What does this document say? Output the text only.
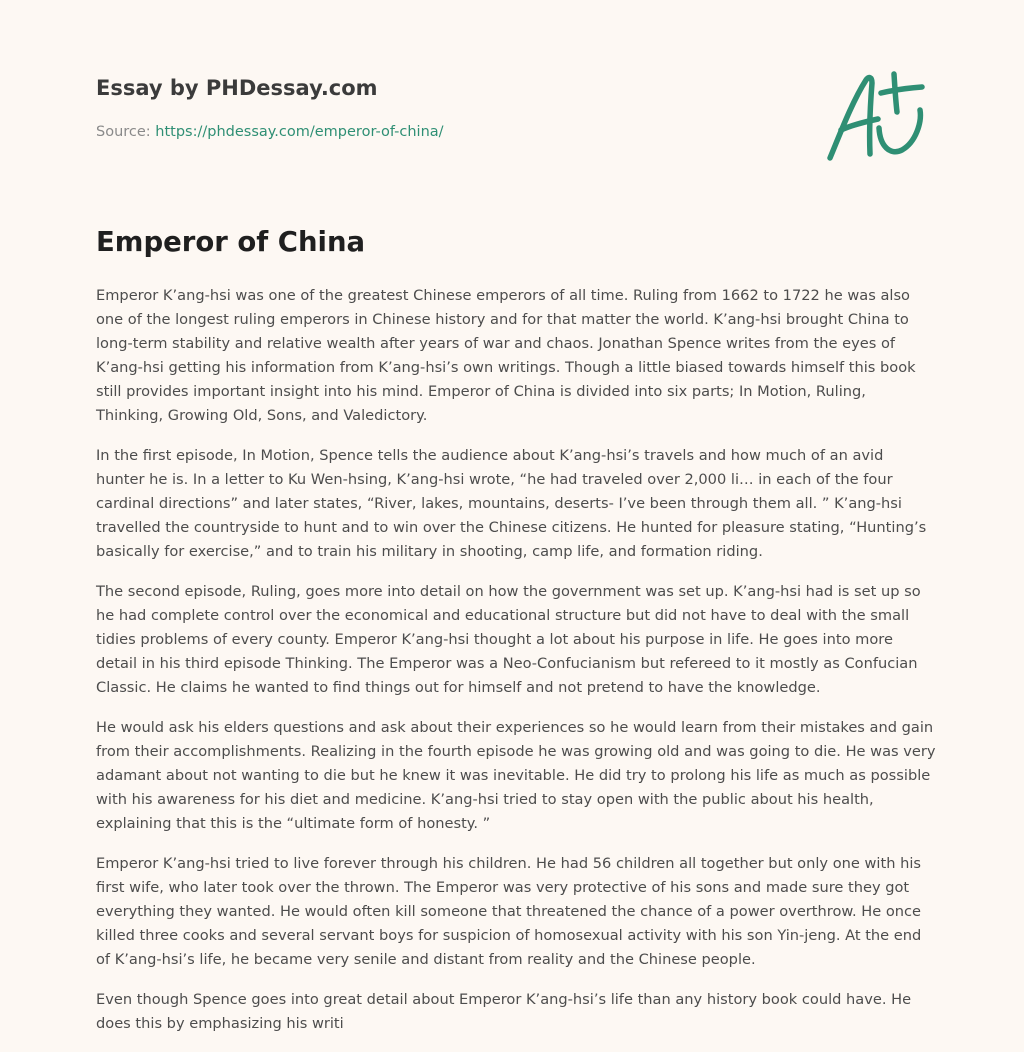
Essay by PHDessay.com
Source: https://phdessay.com/emperor-of-china/
Emperor of China

Emperor K’ang-hsi was one of the greatest Chinese emperors of all time. Ruling from 1662 to 1722 he was also one of the longest ruling emperors in Chinese history and for that matter the world. K’ang-hsi brought China to long-term stability and relative wealth after years of war and chaos. Jonathan Spence writes from the eyes of K’ang-hsi getting his information from K’ang-hsi’s own writings. Though a little biased towards himself this book still provides important insight into his mind. Emperor of China is divided into six parts; In Motion, Ruling, Thinking, Growing Old, Sons, and Valedictory.

In the first episode, In Motion, Spence tells the audience about K’ang-hsi’s travels and how much of an avid hunter he is. In a letter to Ku Wen-hsing, K’ang-hsi wrote, “he had traveled over 2,000 li… in each of the four cardinal directions” and later states, “River, lakes, mountains, deserts- I’ve been through them all. ” K’ang-hsi travelled the countryside to hunt and to win over the Chinese citizens. He hunted for pleasure stating, “Hunting’s basically for exercise,” and to train his military in shooting, camp life, and formation riding.

The second episode, Ruling, goes more into detail on how the government was set up. K’ang-hsi had is set up so he had complete control over the economical and educational structure but did not have to deal with the small tidies problems of every county. Emperor K’ang-hsi thought a lot about his purpose in life. He goes into more detail in his third episode Thinking. The Emperor was a Neo-Confucianism but refereed to it mostly as Confucian Classic. He claims he wanted to find things out for himself and not pretend to have the knowledge.

He would ask his elders questions and ask about their experiences so he would learn from their mistakes and gain from their accomplishments. Realizing in the fourth episode he was growing old and was going to die. He was very adamant about not wanting to die but he knew it was inevitable. He did try to prolong his life as much as possible with his awareness for his diet and medicine. K’ang-hsi tried to stay open with the public about his health, explaining that this is the “ultimate form of honesty. ”

Emperor K’ang-hsi tried to live forever through his children. He had 56 children all together but only one with his first wife, who later took over the thrown. The Emperor was very protective of his sons and made sure they got everything they wanted. He would often kill someone that threatened the chance of a power overthrow. He once killed three cooks and several servant boys for suspicion of homosexual activity with his son Yin-jeng. At the end of K’ang-hsi’s life, he became very senile and distant from reality and the Chinese people.

Even though Spence goes into great detail about Emperor K’ang-hsi’s life than any history book could have. He does this by emphasizing his writi
